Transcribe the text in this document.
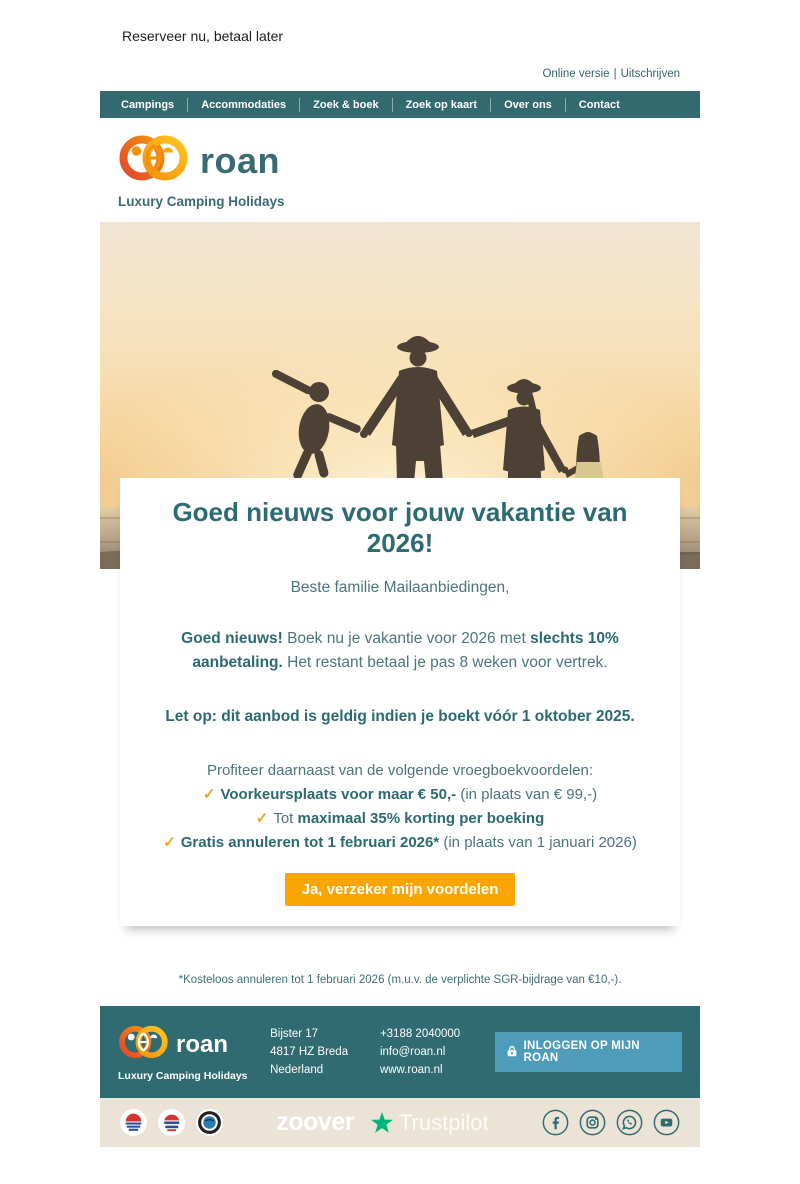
Reserveer nu, betaal later
Online versie | Uitschrijven
Campings	Accommodaties	Zoek & boek	Zoek op kaart	Over ons	Contact
roan
Luxury Camping Holidays
Goed nieuws voor jouw vakantie van 2026!

Beste familie Mailaanbiedingen,

Goed nieuws! Boek nu je vakantie voor 2026 met slechts 10% aanbetaling. Het restant betaal je pas 8 weken voor vertrek.

Let op: dit aanbod is geldig indien je boekt vóór 1 oktober 2025.

Profiteer daarnaast van de volgende vroegboekvoordelen:
✓ Voorkeursplaats voor maar € 50,- (in plaats van € 99,-)
✓ Tot maximaal 35% korting per boeking
✓ Gratis annuleren tot 1 februari 2026* (in plaats van 1 januari 2026)
Ja, verzeker mijn voordelen

*Kosteloos annuleren tot 1 februari 2026 (m.u.v. de verplichte SGR-bijdrage van €10,-).

roan
Luxury Camping Holidays
Bijster 17
4817 HZ Breda
Nederland
+3188 2040000
info@roan.nl
www.roan.nl
INLOGGEN OP MIJN ROAN
zoover Trustpilot
